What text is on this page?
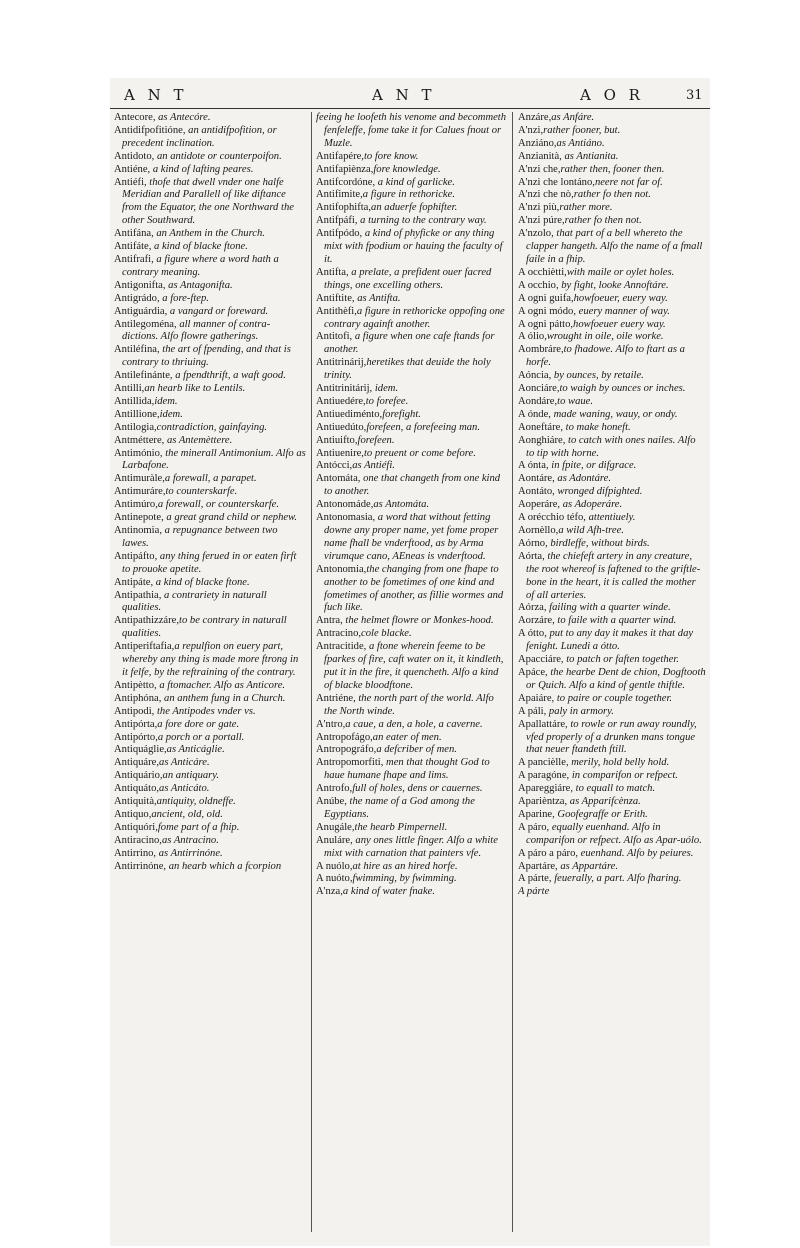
A N T	A N T	A O R	31

Antecore, as Antecóre.

Antidifpofitióne, an antidifpofition, or precedent inclination.

Antidoto, an antidote or counterpoifon.

Antiéne, a kind of lafting peares.

Antiéfi, thofe that dwell vnder one halfe Meridian and Parallell of like diftance from the Equator, the one Northward the other Southward.

Antifána, an Anthem in the Church.

Antifáte, a kind of blacke ftone.

Antifrafi, a figure where a word hath a contrary meaning.

Antigonifta, as Antagonifta.

Antigrádo, a fore-ftep.

Antiguárdia, a vangard or foreward.

Antilegoména, all manner of contra-dictions. Alfo flowre gatherings.

Antiléfina, the art of fpending, and that is contrary to thriuing.

Antilefinánte, a fpendthrift, a waft good.

Antilli,an hearb like to Lentils.

Antillida,idem.

Antillione,idem.

Antilogia,contradiction, gainfaying.

Antméttere, as Antemèttere.

Antimónio, the minerall Antimonium. Alfo as Larbafone.

Antimuràle,a forewall, a parapet.

Antimuráre,to counterskarfe.

Antimúro,a forewall, or counterskarfe.

Antinepote, a great grand child or nephew.

Antinomia, a repugnance between two lawes.

Antipáfto, any thing ferued in or eaten firft to prouoke apetite.

Antipáte, a kind of blacke ftone.

Antipathia, a contrariety in naturall qualities.

Antipathizzáre,to be contrary in naturall qualities.

Antiperiftafia,a repulfion on euery part, whereby any thing is made more ftrong in it felfe, by the reftraining of the contrary.

Antipètto, a ftomacher. Alfo as Anticore.

Antiphóna, an anthem fung in a Church.

Antipodi, the Antipodes vnder vs.

Antipórta,a fore dore or gate.

Antipórto,a porch or a portall.

Antiquáglie,as Anticáglie.

Antiquáre,as Anticáre.

Antiquário,an antiquary.

Antiquáto,as Anticáto.

Antiquità,antiquity, oldneffe.

Antiquo,ancient, old, old.

Antiquóri,fome part of a fhip.

Antiracino,as Antracino.

Antirrino, as Antirrinóne.

Antirrinóne, an hearb which a fcorpion

feeing he loofeth his venome and becommeth fenfeleffe, fome take it for Calues fnout or Muzle.

Antifapére,to fore know.

Antifapiènza,fore knowledge.

Antifcordóne, a kind of garlicke.

Antifimite,a figure in rethoricke.

Antifophifta,an aduerfe fophifter.

Antifpáfi, a turning to the contrary way.

Antifpódo, a kind of phyficke or any thing mixt with fpodium or hauing the faculty of it.

Antifta, a prelate, a prefident ouer facred things, one excelling others.

Antiftite, as Antifta.

Antithèfi,a figure in rethoricke oppofing one contrary againft another.

Antitofi, a figure when one cafe ftands for another.

Antitrinárij,heretikes that deuide the holy trinity.

Antitrinitárij, idem.

Antiuedére,to forefee.

Antiuediménto,forefight.

Antiuedúto,forefeen, a forefeeing man.

Antiuifto,forefeen.

Antiuenire,to preuent or come before.

Antócci,as Antiéfi.

Antomáta, one that changeth from one kind to another.

Antonomáde,as Antomáta.

Antonomasia, a word that without fetting downe any proper name, yet fome proper name fhall be vnderftood, as by Arma virumque cano, AEneas is vnderftood.

Antonomia,the changing from one fhape to another to be fometimes of one kind and fometimes of another, as fillie wormes and fuch like.

Antra, the helmet flowre or Monkes-hood.

Antracino,cole blacke.

Antracitide, a ftone wherein feeme to be fparkes of fire, caft water on it, it kindleth, put it in the fire, it quencheth. Alfo a kind of blacke bloodftone.

Antriéne, the north part of the world. Alfo the North winde.

A'ntro,a caue, a den, a hole, a caverne.

Antropofágo,an eater of men.

Antropográfo,a defcriber of men.

Antropomorfiti, men that thought God to haue humane fhape and lims.

Antrofo,full of holes, dens or cauernes.

Anúbe, the name of a God among the Egyptians.

Anugále,the hearb Pimpernell.

Anuláre, any ones little finger. Alfo a white mixt with carnation that painters vfe.

A nuólo,at hire as an hired horfe.

A nuóto,fwimming, by fwimming.

A'nza,a kind of water fnake.

Anzáre,as Anfáre.

A'nzi,rather fooner, but.

Anziáno,as Antiáno.

Anzianità, as Antianita.

A'nzi che,rather then, fooner then.

A'nzi che lontáno,neere not far of.

A'nzi che nò,rather fo then not.

A'nzi più,rather more.

A'nzi púre,rather fo then not.

A'nzolo, that part of a bell whereto the clapper hangeth. Alfo the name of a fmall faile in a fhip.

A occhiètti,with maile or oylet holes.

A occhio, by fight, looke Annoftáre.

A ogni guifa,howfoeuer, euery way.

A ogni módo, euery manner of way.

A ogni pátto,howfoeuer euery way.

A ólio,wrought in oile, oile worke.

Aombráre,to fhadowe. Alfo to ftart as a horfe.

Aóncia, by ounces, by retaile.

Aonciáre,to waigh by ounces or inches.

Aondáre,to waue.

A ónde, made waning, wauy, or ondy.

Aoneftáre, to make honeft.

Aonghiáre, to catch with ones nailes. Alfo to tip with horne.

A ónta, in fpite, or difgrace.

Aontáre, as Adontáre.

Aontáto, wronged difpighted.

Aoperáre, as Adoperáre.

A orécchio téfo, attentiuely.

Aornèllo,a wild Afh-tree.

Aórno, birdleffe, without birds.

Aórta, the chiefeft artery in any creature, the root whereof is faftened to the griftle-bone in the heart, it is called the mother of all arteries.

Aórza, failing with a quarter winde.

Aorzáre, to faile with a quarter wind.

A ótto, put to any day it makes it that day fenight. Lunedi a ótto.

Apacciáre, to patch or faften together.

Apáce, the hearbe Dent de chion, Dogftooth or Quich. Alfo a kind of gentle thiftle.

Apaiáre, to paire or couple together.

A páli, paly in armory.

Apallattáre, to rowle or run away roundly, vfed properly of a drunken mans tongue that neuer ftandeth ftill.

A pancièlle, merily, hold belly hold.

A paragóne, in comparifon or refpect.

Apareggiáre, to equall to match.

Aparièntza, as Apparifcènza.

Aparine, Goofegraffe or Erith.

A páro, equally euenhand. Alfo in comparifon or refpect. Alfo as Apar-uólo.

A páro a páro, euenhand. Alfo by peiures.

Apartáre, as Appartáre.

A párte, feuerally, a part. Alfo fharing.

A párte
